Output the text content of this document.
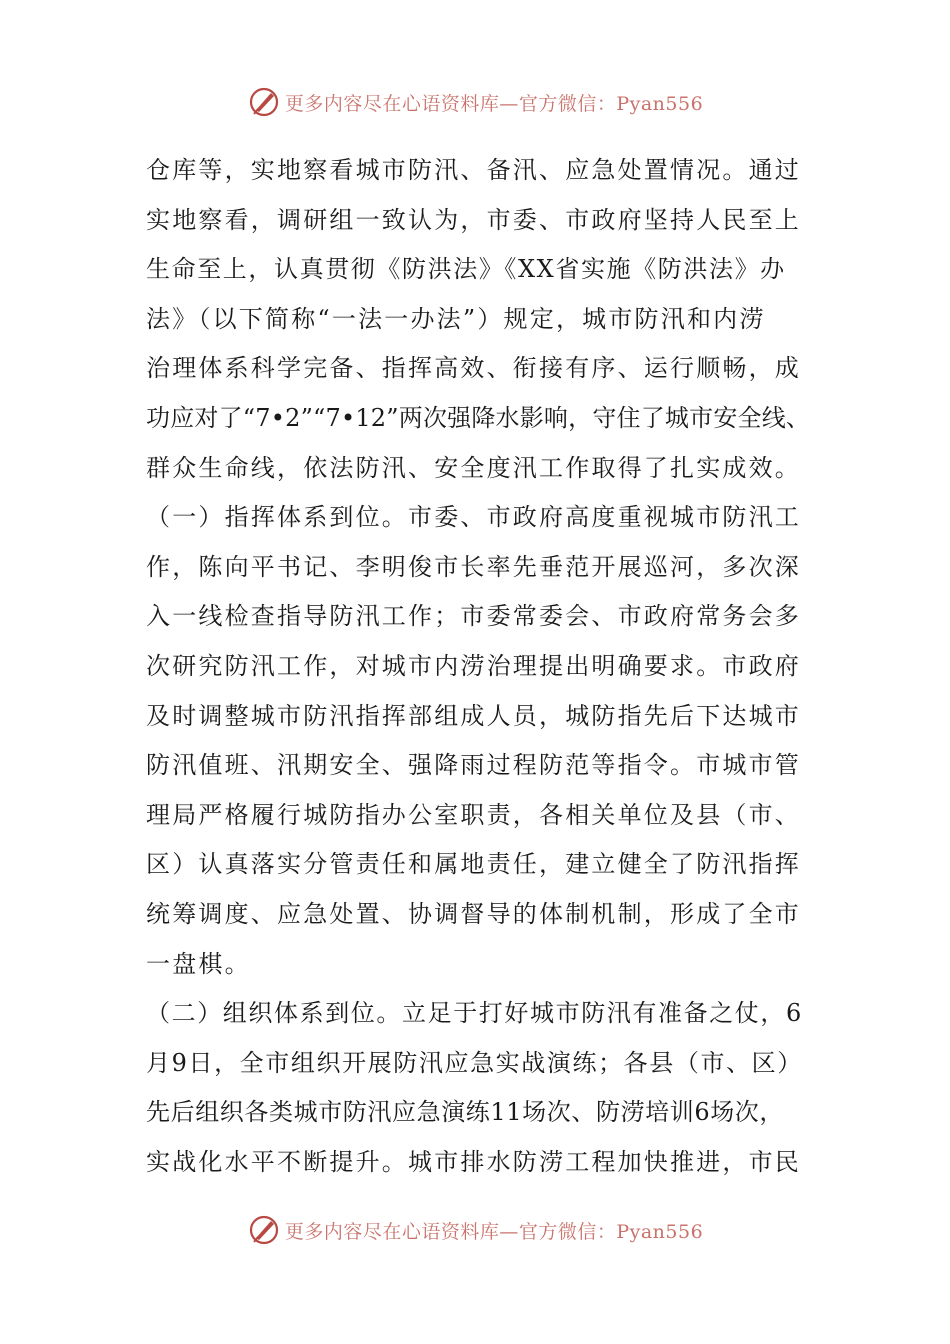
更多内容尽在心语资料库—官方微信：Pyan556
仓库等，实地察看城市防汛、备汛、应急处置情况。通过
实地察看，调研组一致认为，市委、市政府坚持人民至上
生命至上，认真贯彻《防洪法》《XX省实施《防洪法》办
法》（以下简称“一法一办法”）规定，城市防汛和内涝
治理体系科学完备、指挥高效、衔接有序、运行顺畅，成
功应对了“7•2”“7•12”两次强降水影响，守住了城市安全线、
群众生命线，依法防汛、安全度汛工作取得了扎实成效。
（一）指挥体系到位。市委、市政府高度重视城市防汛工
作，陈向平书记、李明俊市长率先垂范开展巡河，多次深
入一线检查指导防汛工作；市委常委会、市政府常务会多
次研究防汛工作，对城市内涝治理提出明确要求。市政府
及时调整城市防汛指挥部组成人员，城防指先后下达城市
防汛值班、汛期安全、强降雨过程防范等指令。市城市管
理局严格履行城防指办公室职责，各相关单位及县（市、
区）认真落实分管责任和属地责任，建立健全了防汛指挥
统筹调度、应急处置、协调督导的体制机制，形成了全市
一盘棋。
（二）组织体系到位。立足于打好城市防汛有准备之仗，6
月9日，全市组织开展防汛应急实战演练；各县（市、区）
先后组织各类城市防汛应急演练11场次、防涝培训6场次，
实战化水平不断提升。城市排水防涝工程加快推进，市民
更多内容尽在心语资料库—官方微信：Pyan556
